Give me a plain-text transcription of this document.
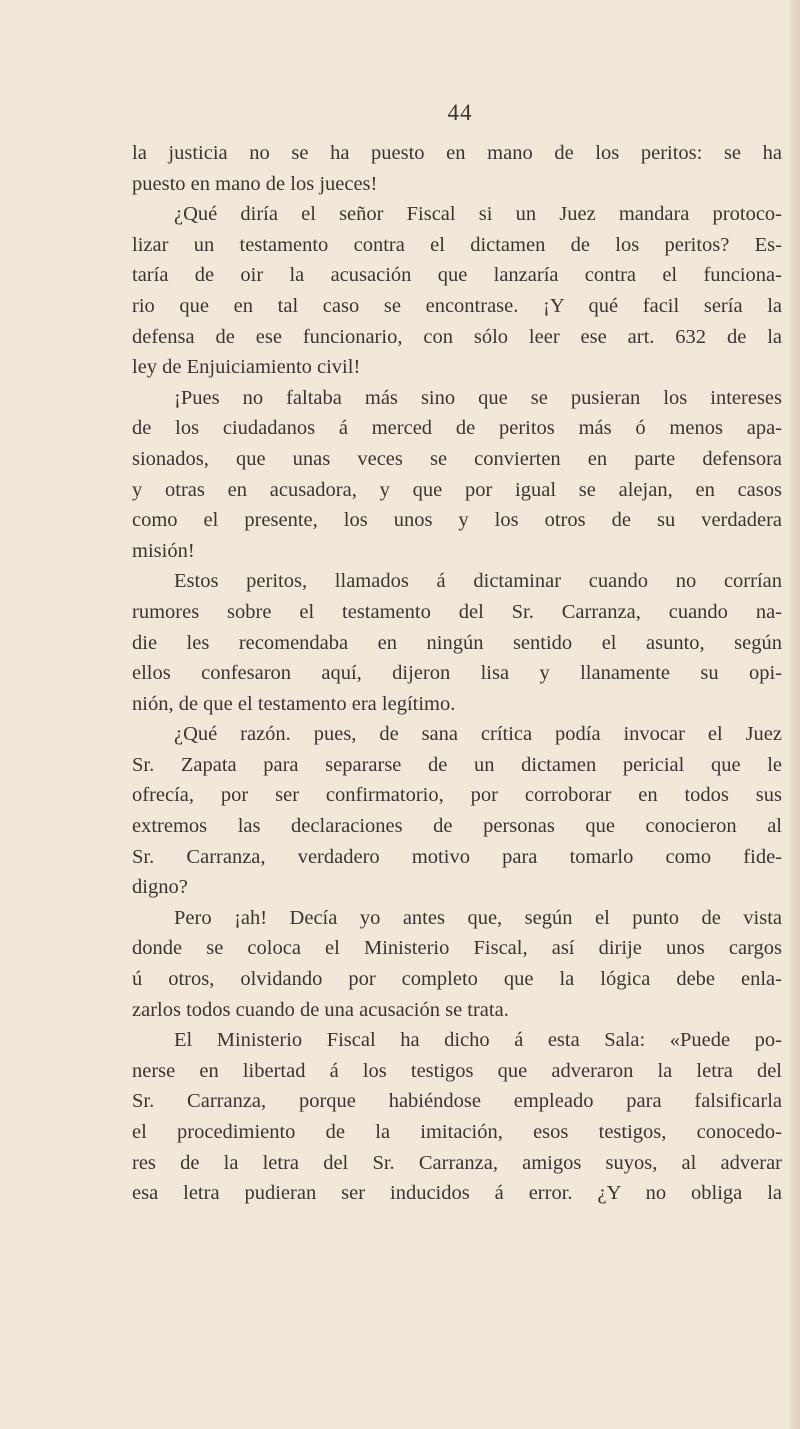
44
la justicia no se ha puesto en mano de los peritos: se ha
puesto en mano de los jueces!
¿Qué diría el señor Fiscal si un Juez mandara protoco-
lizar un testamento contra el dictamen de los peritos? Es-
taría de oir la acusación que lanzaría contra el funciona-
rio que en tal caso se encontrase. ¡Y qué facil sería la
defensa de ese funcionario, con sólo leer ese art. 632 de la
ley de Enjuiciamiento civil!
¡Pues no faltaba más sino que se pusieran los intereses
de los ciudadanos á merced de peritos más ó menos apa-
sionados, que unas veces se convierten en parte defensora
y otras en acusadora, y que por igual se alejan, en casos
como el presente, los unos y los otros de su verdadera
misión!
Estos peritos, llamados á dictaminar cuando no corrían
rumores sobre el testamento del Sr. Carranza, cuando na-
die les recomendaba en ningún sentido el asunto, según
ellos confesaron aquí, dijeron lisa y llanamente su opi-
nión, de que el testamento era legítimo.
¿Qué razón. pues, de sana crítica podía invocar el Juez
Sr. Zapata para separarse de un dictamen pericial que le
ofrecía, por ser confirmatorio, por corroborar en todos sus
extremos las declaraciones de personas que conocieron al
Sr. Carranza, verdadero motivo para tomarlo como fide-
digno?
Pero ¡ah! Decía yo antes que, según el punto de vista
donde se coloca el Ministerio Fiscal, así dirije unos cargos
ú otros, olvidando por completo que la lógica debe enla-
zarlos todos cuando de una acusación se trata.
El Ministerio Fiscal ha dicho á esta Sala: «Puede po-
nerse en libertad á los testigos que adveraron la letra del
Sr. Carranza, porque habiéndose empleado para falsificarla
el procedimiento de la imitación, esos testigos, conocedo-
res de la letra del Sr. Carranza, amigos suyos, al adverar
esa letra pudieran ser inducidos á error. ¿Y no obliga la
